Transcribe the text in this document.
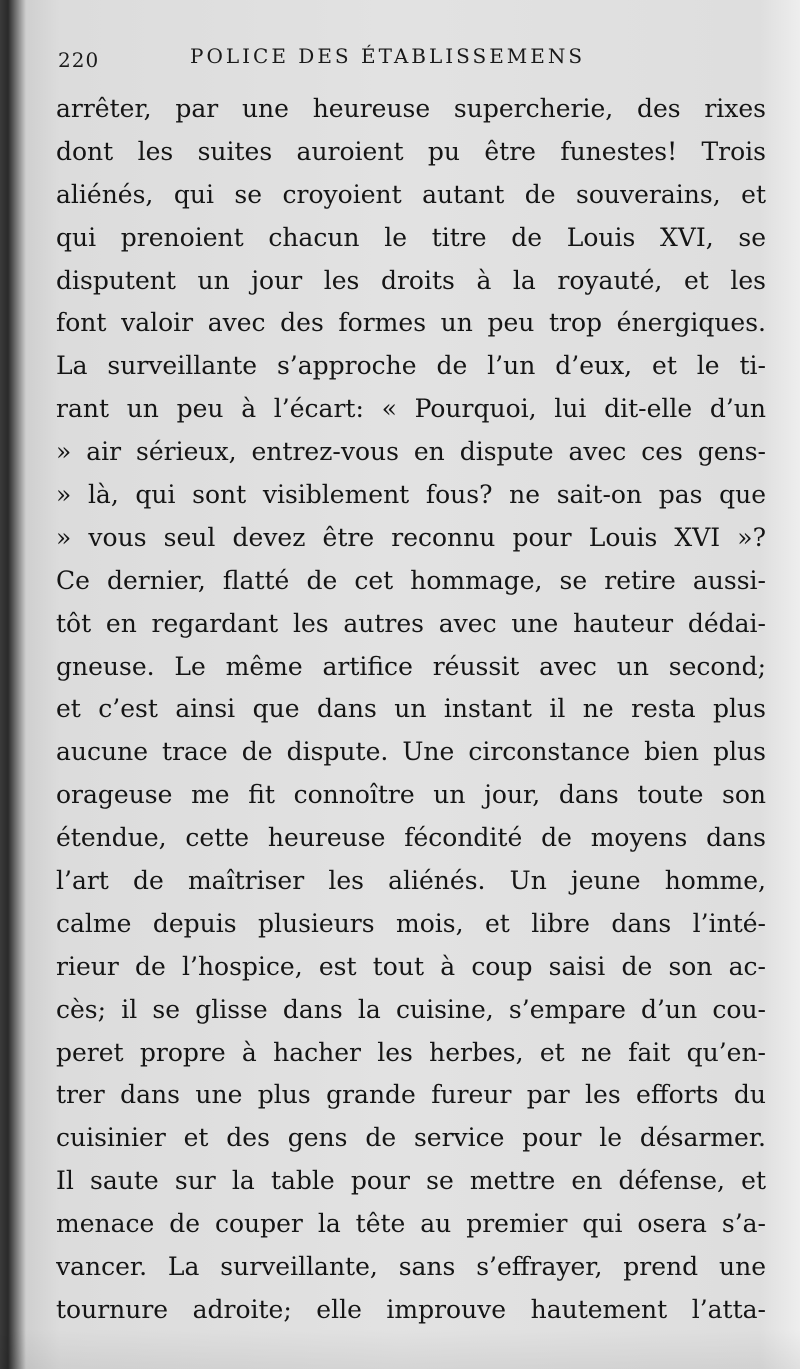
220	POLICE DES ÉTABLISSEMENS
arrêter, par une heureuse supercherie, des rixes
dont les suites auroient pu être funestes! Trois
aliénés, qui se croyoient autant de souverains, et
qui prenoient chacun le titre de Louis XVI, se
disputent un jour les droits à la royauté, et les
font valoir avec des formes un peu trop énergiques.
La surveillante s’approche de l’un d’eux, et le ti-
rant un peu à l’écart: « Pourquoi, lui dit-elle d’un
» air sérieux, entrez-vous en dispute avec ces gens-
» là, qui sont visiblement fous? ne sait-on pas que
» vous seul devez être reconnu pour Louis XVI »?
Ce dernier, flatté de cet hommage, se retire aussi-
tôt en regardant les autres avec une hauteur dédai-
gneuse. Le même artifice réussit avec un second;
et c’est ainsi que dans un instant il ne resta plus
aucune trace de dispute. Une circonstance bien plus
orageuse me fit connoître un jour, dans toute son
étendue, cette heureuse fécondité de moyens dans
l’art de maîtriser les aliénés. Un jeune homme,
calme depuis plusieurs mois, et libre dans l’inté-
rieur de l’hospice, est tout à coup saisi de son ac-
cès; il se glisse dans la cuisine, s’empare d’un cou-
peret propre à hacher les herbes, et ne fait qu’en-
trer dans une plus grande fureur par les efforts du
cuisinier et des gens de service pour le désarmer.
Il saute sur la table pour se mettre en défense, et
menace de couper la tête au premier qui osera s’a-
vancer. La surveillante, sans s’effrayer, prend une
tournure adroite; elle improuve hautement l’atta-
